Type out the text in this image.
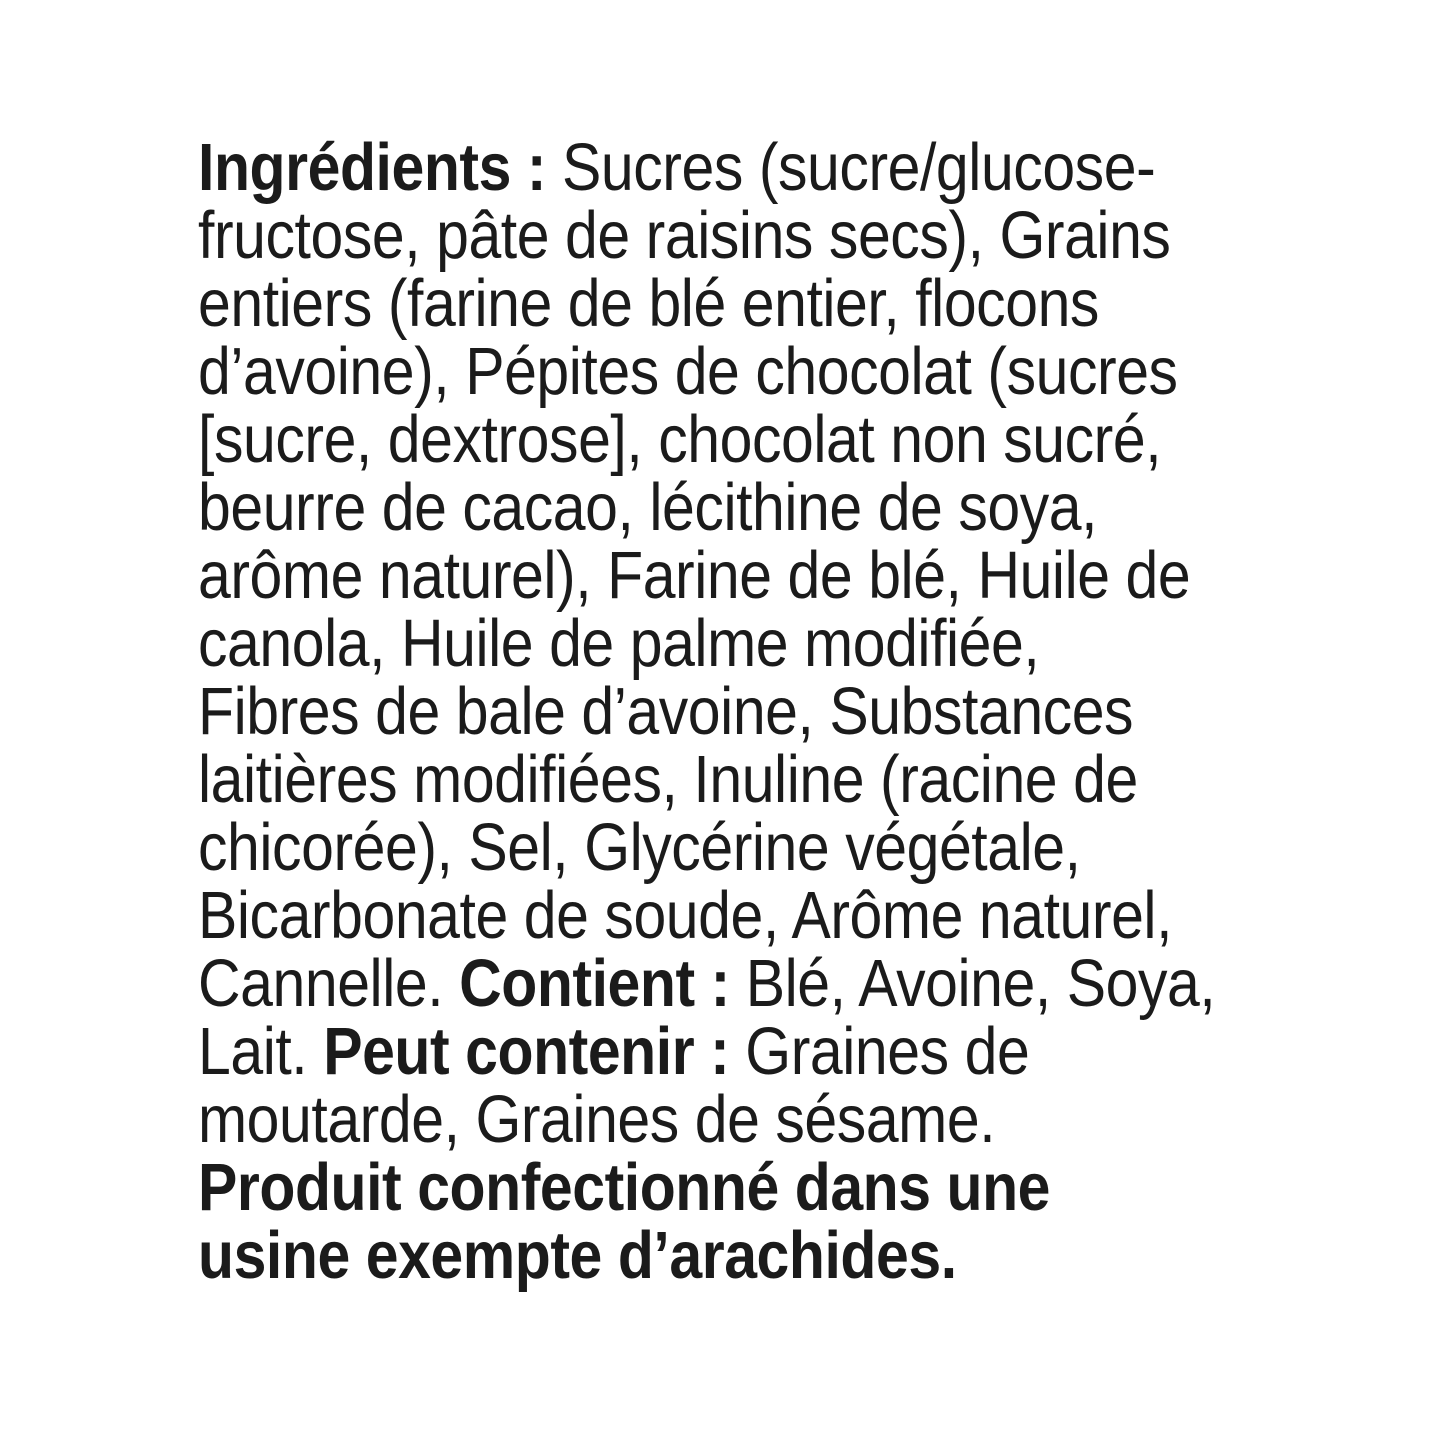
Ingrédients : Sucres (sucre/glucose-
fructose, pâte de raisins secs), Grains
entiers (farine de blé entier, flocons
d’avoine), Pépites de chocolat (sucres
[sucre, dextrose], chocolat non sucré,
beurre de cacao, lécithine de soya,
arôme naturel), Farine de blé, Huile de
canola, Huile de palme modifiée,
Fibres de bale d’avoine, Substances
laitières modifiées, Inuline (racine de
chicorée), Sel, Glycérine végétale,
Bicarbonate de soude, Arôme naturel,
Cannelle. Contient : Blé, Avoine, Soya,
Lait. Peut contenir : Graines de
moutarde, Graines de sésame.
Produit confectionné dans une
usine exempte d’arachides.
